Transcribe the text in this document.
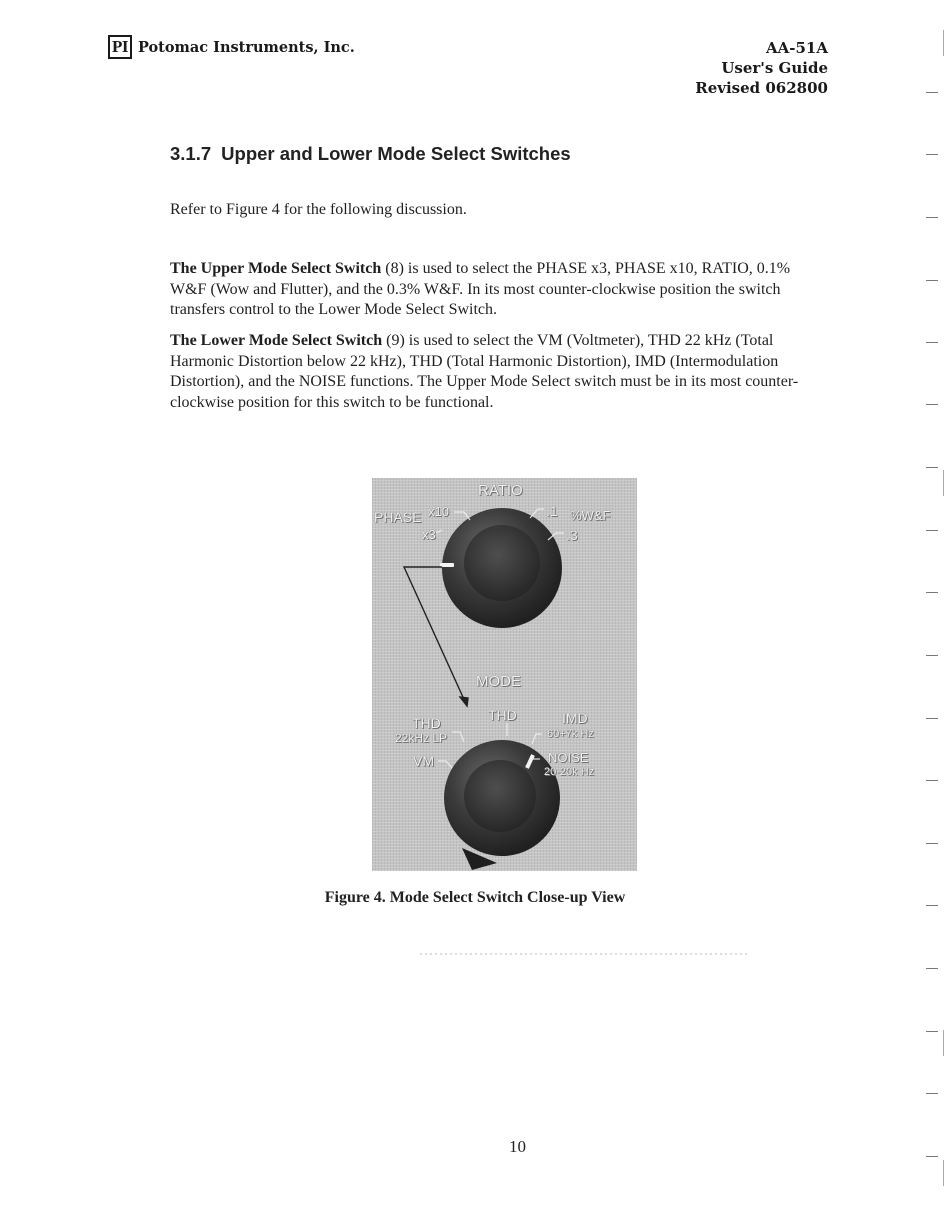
PI Potomac Instruments, Inc.	AA-51A
User's Guide
Revised 062800
3.1.7 Upper and Lower Mode Select Switches
Refer to Figure 4 for the following discussion.
The Upper Mode Select Switch (8) is used to select the PHASE x3, PHASE x10, RATIO, 0.1% W&F (Wow and Flutter), and the 0.3% W&F. In its most counter-clockwise position the switch transfers control to the Lower Mode Select Switch.
The Lower Mode Select Switch (9) is used to select the VM (Voltmeter), THD 22 kHz (Total Harmonic Distortion below 22 kHz), THD (Total Harmonic Distortion), IMD (Intermodulation Distortion), and the NOISE functions. The Upper Mode Select switch must be in its most counter-clockwise position for this switch to be functional.
RATIO
PHASE x10
x3
.1 %W&F
.3
MODE
THD	IMD
THD
22kHz LP	60+7k Hz
VM	NOISE
20-20k Hz
Figure 4. Mode Select Switch Close-up View
10
